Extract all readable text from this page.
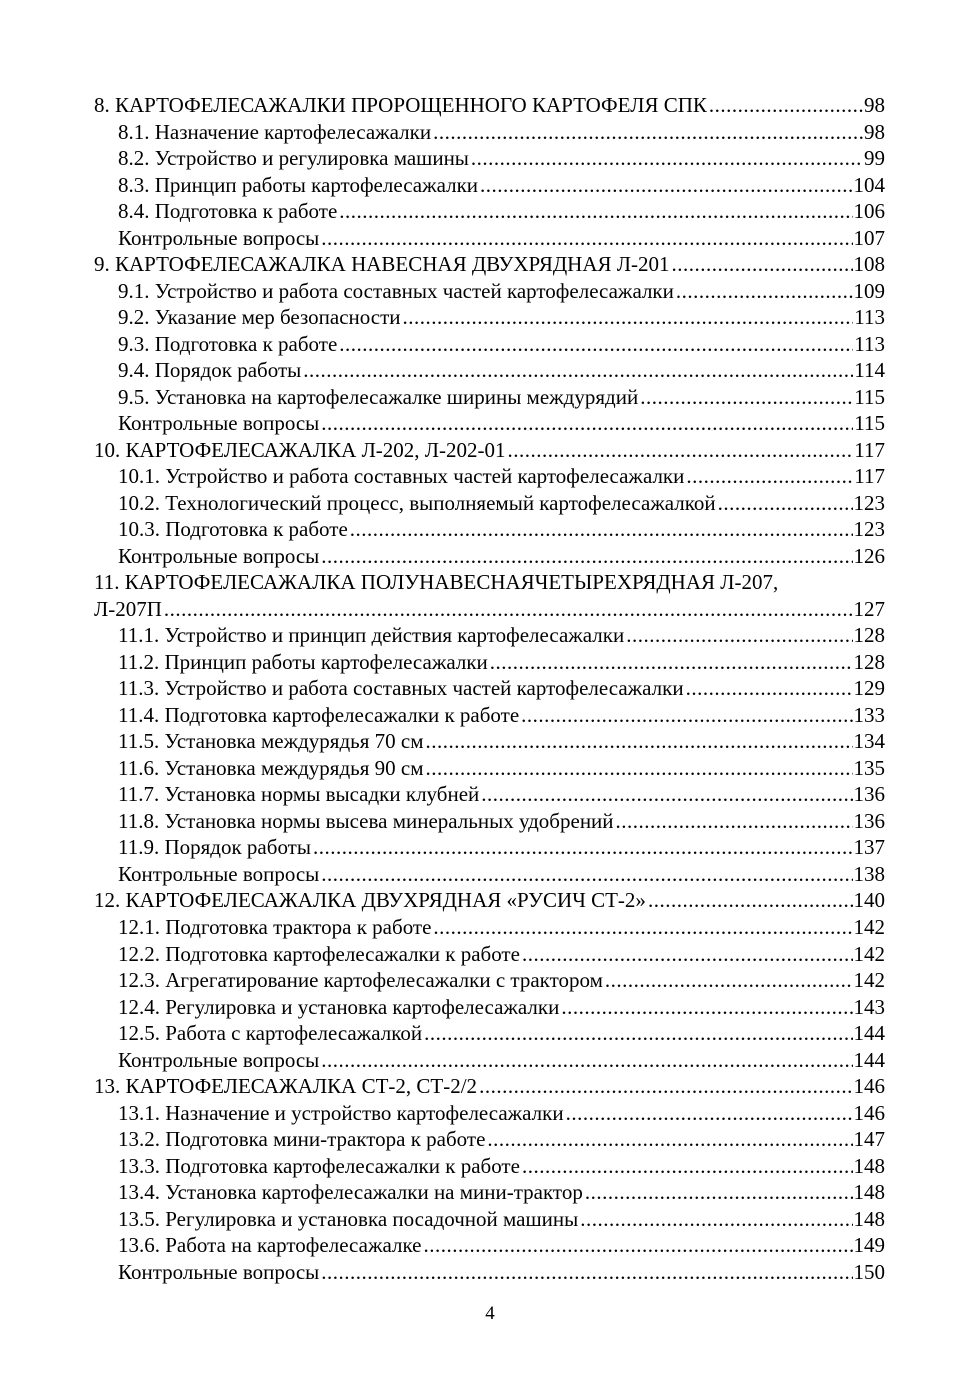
8. КАРТОФЕЛЕСАЖАЛКИ ПРОРОЩЕННОГО КАРТОФЕЛЯ СПК .....	98
8.1. Назначение картофелесажалки .....	98
8.2. Устройство и регулировка машины .....	99
8.3. Принцип работы картофелесажалки .....	104
8.4. Подготовка к работе .....	106
Контрольные вопросы .....	107
9. КАРТОФЕЛЕСАЖАЛКА НАВЕСНАЯ ДВУХРЯДНАЯ Л-201 .....	108
9.1. Устройство и работа составных частей картофелесажалки .....	109
9.2. Указание мер безопасности .....	113
9.3. Подготовка к работе .....	113
9.4. Порядок работы .....	114
9.5. Установка на картофелесажалке ширины междурядий .....	115
Контрольные вопросы .....	115
10. КАРТОФЕЛЕСАЖАЛКА Л-202, Л-202-01 .....	117
10.1. Устройство и работа составных частей картофелесажалки .....	117
10.2. Технологический процесс, выполняемый картофелесажалкой .....	123
10.3. Подготовка к работе .....	123
Контрольные вопросы .....	126
11. КАРТОФЕЛЕСАЖАЛКА ПОЛУНАВЕСНАЯЧЕТЫРЕХРЯДНАЯ Л-207,
Л-207П .....	127
11.1. Устройство и принцип действия картофелесажалки .....	128
11.2. Принцип работы картофелесажалки .....	128
11.3. Устройство и работа составных частей картофелесажалки .....	129
11.4. Подготовка картофелесажалки к работе .....	133
11.5. Установка междурядья 70 см .....	134
11.6. Установка междурядья 90 см .....	135
11.7. Установка нормы высадки клубней .....	136
11.8. Установка нормы высева минеральных удобрений .....	136
11.9. Порядок работы .....	137
Контрольные вопросы .....	138
12. КАРТОФЕЛЕСАЖАЛКА ДВУХРЯДНАЯ «РУСИЧ СТ-2» .....	140
12.1. Подготовка трактора к работе .....	142
12.2. Подготовка картофелесажалки к работе .....	142
12.3. Агрегатирование картофелесажалки с трактором .....	142
12.4. Регулировка и установка картофелесажалки .....	143
12.5. Работа с картофелесажалкой .....	144
Контрольные вопросы .....	144
13. КАРТОФЕЛЕСАЖАЛКА СТ-2, СТ-2/2 .....	146
13.1. Назначение и устройство картофелесажалки .....	146
13.2. Подготовка мини-трактора к работе .....	147
13.3. Подготовка картофелесажалки к работе .....	148
13.4. Установка картофелесажалки на мини-трактор .....	148
13.5. Регулировка и установка посадочной машины .....	148
13.6. Работа на картофелесажалке .....	149
Контрольные вопросы .....	150
4
